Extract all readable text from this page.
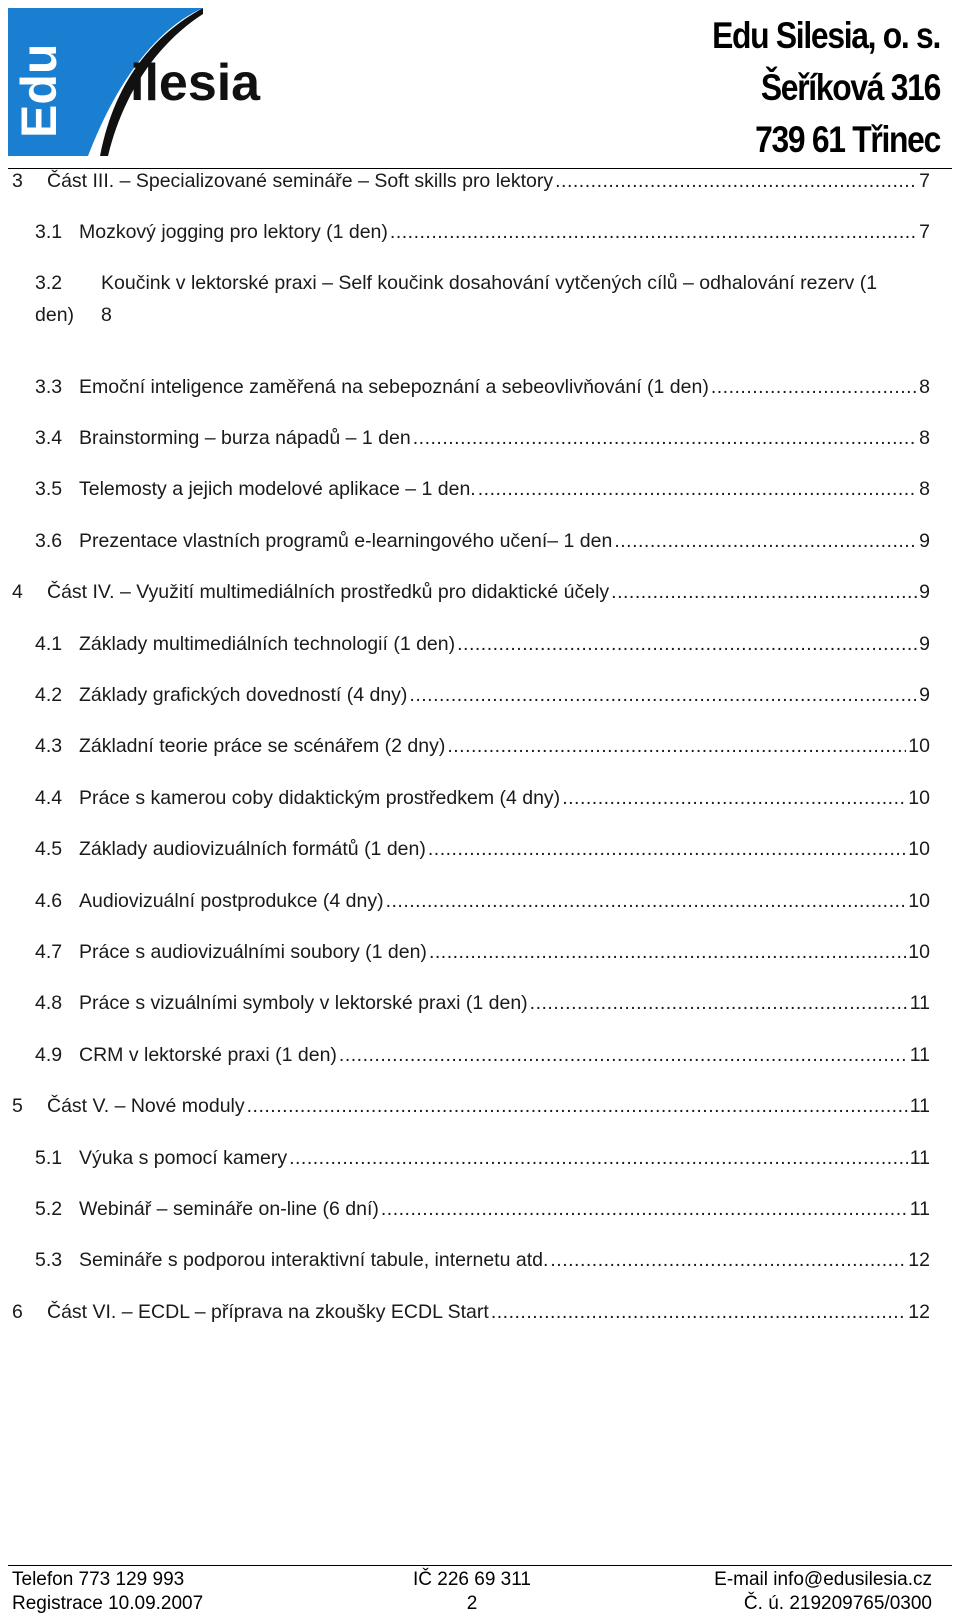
Edu ilesia
Edu Silesia, o. s.
Šeříková 316
739 61 Třinec
3	Část III. – Specializované semináře – Soft skills pro lektory .....	7
3.1 Mozkový jogging pro lektory (1 den) .....	7
3.2	Koučink v lektorské praxi – Self koučink dosahování vytčených cílů – odhalování rezerv (1
den)	8
3.3 Emoční inteligence zaměřená na sebepoznání a sebeovlivňování (1 den) .....	8
3.4 Brainstorming – burza nápadů – 1 den .....	8
3.5 Telemosty a jejich modelové aplikace – 1 den. .....	8
3.6 Prezentace vlastních programů e-learningového učení– 1 den .....	9
4	Část IV. – Využití multimediálních prostředků pro didaktické účely .....	9
4.1 Základy multimediálních technologií (1 den) .....	9
4.2 Základy grafických dovedností (4 dny) .....	9
4.3 Základní teorie práce se scénářem (2 dny) .....	10
4.4 Práce s kamerou coby didaktickým prostředkem (4 dny) .....	10
4.5 Základy audiovizuálních formátů (1 den) .....	10
4.6 Audiovizuální postprodukce (4 dny) .....	10
4.7 Práce s audiovizuálními soubory (1 den) .....	10
4.8 Práce s vizuálními symboly v lektorské praxi (1 den) .....	11
4.9 CRM v lektorské praxi (1 den) .....	11
5	Část V. – Nové moduly .....	11
5.1 Výuka s pomocí kamery .....	11
5.2 Webinář – semináře on-line (6 dní) .....	11
5.3 Semináře s podporou interaktivní tabule, internetu atd. .....	12
6	Část VI. – ECDL – příprava na zkoušky ECDL Start .....	12
Telefon 773 129 993	IČ 226 69 311	E-mail info@edusilesia.cz
Registrace 10.09.2007	2	Č. ú. 219209765/0300
